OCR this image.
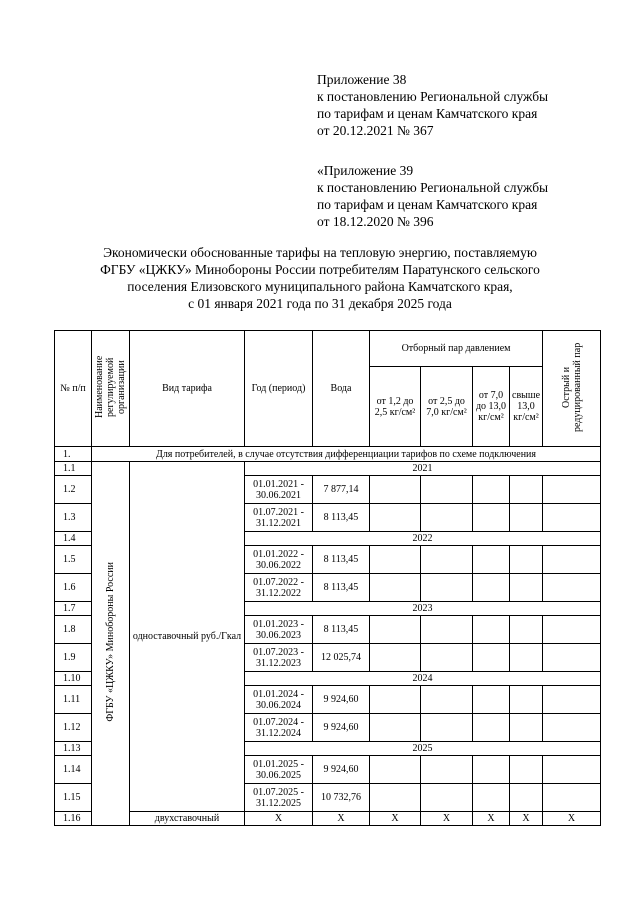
Приложение 38
к постановлению Региональной службы
по тарифам и ценам Камчатского края
от 20.12.2021 № 367
«Приложение 39
к постановлению Региональной службы
по тарифам и ценам Камчатского края
от 18.12.2020 № 396
Экономически обоснованные тарифы на тепловую энергию, поставляемую
ФГБУ «ЦЖКУ» Минобороны России потребителям Паратунского сельского
поселения Елизовского муниципального района Камчатского края,
с 01 января 2021 года по 31 декабря 2025 года
№ п/п	Наименование регулируемой организации	Вид тарифа	Год (период)	Вода	Отборный пар давлением				Острый и редуцированный пар
					от 1,2 до 2,5 кг/см²	от 2,5 до 7,0 кг/см²	от 7,0 до 13,0 кг/см²	свыше 13,0 кг/см²	
1.	Для потребителей, в случае отсутствия дифференциации тарифов по схеме подключения								
1.1	ФГБУ «ЦЖКУ» Минобороны России	одноставочный руб./Гкал	2021						
1.2			01.01.2021 - 30.06.2021	7 877,14					
1.3			01.07.2021 - 31.12.2021	8 113,45					
1.4			2022						
1.5			01.01.2022 - 30.06.2022	8 113,45					
1.6			01.07.2022 - 31.12.2022	8 113,45					
1.7			2023						
1.8			01.01.2023 - 30.06.2023	8 113,45					
1.9			01.07.2023 - 31.12.2023	12 025,74					
1.10			2024						
1.11			01.01.2024 - 30.06.2024	9 924,60					
1.12			01.07.2024 - 31.12.2024	9 924,60					
1.13			2025						
1.14			01.01.2025 - 30.06.2025	9 924,60					
1.15			01.07.2025 - 31.12.2025	10 732,76					
1.16		двухставочный	X	X	X	X	X	X	X
